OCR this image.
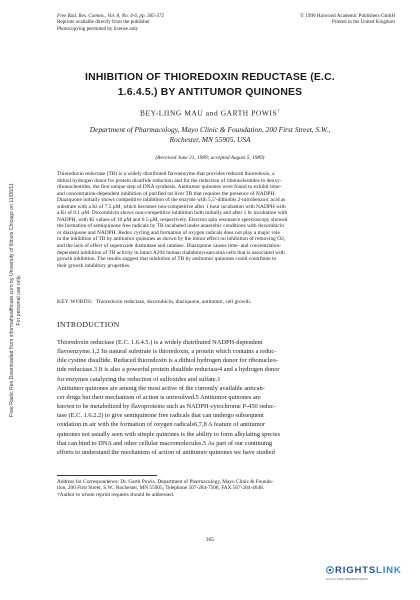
Free Rad. Res. Comms., Vol. 8, No. 4-6, pp. 365-372
Reprints available directly from the publisher
Photocopying permitted by license only
© 1990 Harwood Academic Publishers GmbH
Printed in the United Kingdom
INHIBITION OF THIOREDOXIN REDUCTASE (E.C.
1.6.4.5.) BY ANTITUMOR QUINONES
BEY-LIING MAU and GARTH POWIS†
Department of Pharmacology, Mayo Clinic & Foundation, 200 First Street, S.W.,
Rochester, MN 55905, USA
(Received June 21, 1989; accepted August 5, 1989)
Thioredoxin reductase (TR) is a widely distributed flavoenzyme that provides reduced thioredoxin, a
dithiol hydrogen donor for protein disulfide reduction and for the reduction of ribonucleotides to deoxy-
ribonucleotides, the first unique step of DNA synthesis. Antitumor quinones were found to exhibit time-
and concentration-dependent inhibition of purified rat liver TR that requires the presence of NADPH.
Diaziquone initially shows competitive inhibition of the enzyme with 5,5'-dithiobis 2-nitrobenzoic acid as
substrate with a Ki of 7.5 μM, which becomes non-competitive after 1 hour incubation with NADPH with
a Ki of 0.1 μM. Doxorubicin shows non-competitive inhibition both initially and after 1 hr incubation with
NADPH, with Ki values of 10 μM and 0.5 μM, respectively. Electron spin resonance spectroscopy showed
the formation of semiquinone free radicals by TR incubated under anaerobic conditions with doxorubicin
or diaziquone and NADPH. Redox cycling and formation of oxygen radicals does not play a major role
in the inhibition of TR by antitumor quinones as shown by the minor effect on inhibition of removing O2,
and the lack of effect of superoxide dismutase and catalase. Diaziquone causes time- and concentration-
dependent inhibition of TR activity in intact A204 human rhabdomyosarcoma cells that is associated with
growth inhibition. The results suggest that inhibition of TR by antitumor quinones could contribute to
their growth inhibitory properties.
KEY WORDS: Thioredoxin reductase, doxorubicin, diaziquone, antitumor, cell growth.
INTRODUCTION
Thioredoxin reductase (E.C. 1.6.4.5.) is a widely distributed NADPH-dependent
flavoenzyme.1,2 Its natural substrate is thioredoxin, a protein which contains a reduc-
ible cystine disulfide. Reduced thioredoxin is a dithiol hydrogen donor for ribonucleo-
tide reductase.3 It is also a powerful protein disulfide reductase4 and a hydrogen donor
for enzymes catalyzing the reduction of sulfoxides and sulfate.1
Antitumor quinones are among the most active of the currently available antican-
cer drugs but their mechanism of action is unresolved.5 Antitumor quinones are
known to be metabolized by flavoproteins such as NADPH-cytochrome P-450 reduc-
tase (E.C. 1.6.2.2) to give semiquinone free radicals that can undergo subsequent
oxidation in air with the formation of oxygen radicals6,7,8 A feature of antitumor
quinones not usually seen with simple quinones is the ability to form alkylating species
that can bind to DNA and other cellular macromolecules.5 As part of our continuing
efforts to understand the mechanism of action of antitumor quinones we have studied
Address for Correspondence: Dr. Garth Powis, Department of Pharmacology, Mayo Clinic & Founda-
tion, 200 First Street, S.W., Rochester, MN 55905, Telephone 507-284-7508, FAX 507-284-4648.
†Author to whom reprint requests should be addressed.
365
Free Radic Res Downloaded from informahealthcare.com by University of Illinois Chicago on 11/06/11 For personal use only.
RIGHTSLINK
CLICK FOR PERMISSIONS
